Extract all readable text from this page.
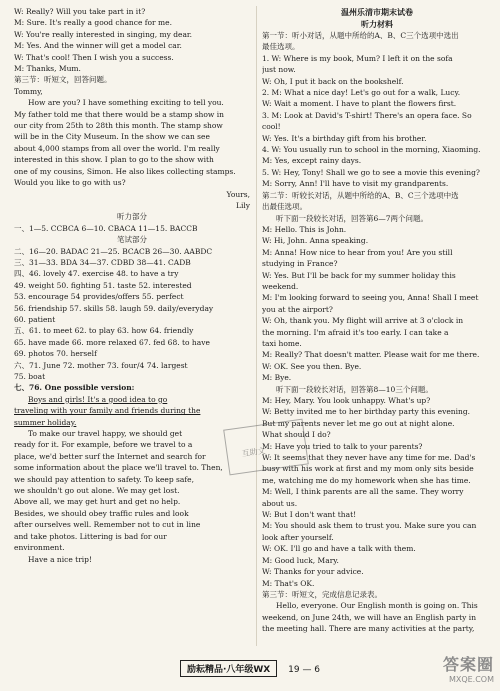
W: Really? Will you take part in it?
M: Sure. It's really a good chance for me.
W: You're really interested in singing, my dear.
M: Yes. And the winner will get a model car.
W: That's cool! Then I wish you a success.
M: Thanks, Mum.
第三节：听短文，回答问题。
Tommy,
How are you? I have something exciting to tell you.
My father told me that there would be a stamp show in
our city from 25th to 28th this month. The stamp show
will be in the City Museum. In the show we can see
about 4,000 stamps from all over the world. I'm really
interested in this show. I plan to go to the show with
one of my cousins, Simon. He also likes collecting stamps.
Would you like to go with us?
Yours,
Lily
听力部分
一、1—5. CCBCA 6—10. CBACA 11—15. BACCB
笔试部分
二、16—20. BADAC 21—25. BCACB 26—30. AABDC
三、31—33. BDA 34—37. CDBD 38—41. CADB
四、46. lovely 47. exercise 48. to have a try
49. weight 50. fighting 51. taste 52. interested
53. encourage 54 provides/offers 55. perfect
56. friendship 57. skills 58. laugh 59. daily/everyday
60. patient
五、61. to meet 62. to play 63. how 64. friendly
65. have made 66. more relaxed 67. fed 68. to have
69. photos 70. herself
六、71. June 72. mother 73. four/4 74. largest
75. boat
七、76. One possible version:
Boys and girls! It's a good idea to go
traveling with your family and friends during the
summer holiday.
To make our travel happy, we should get
ready for it. For example, before we travel to a
place, we'd better surf the Internet and search for
some information about the place we'll travel to. Then,
we should pay attention to safety. To keep safe,
we shouldn't go out alone. We may get lost.
Above all, we may get hurt and get no help.
Besides, we should obey traffic rules and look
after ourselves well. Remember not to cut in line
and take photos. Littering is bad for our
environment.
Have a nice trip!
温州乐清市期末试卷
听力材料
第一节：听小对话，从题中所给的A、B、C三个选项中选出
最佳选项。
1. W: Where is my book, Mum? I left it on the sofa
just now.
W: Oh, I put it back on the bookshelf.
2. M: What a nice day! Let's go out for a walk, Lucy.
W: Wait a moment. I have to plant the flowers first.
3. M: Look at David's T-shirt! There's an opera face. So
cool!
W: Yes. It's a birthday gift from his brother.
4. W: You usually run to school in the morning, Xiaoming.
M: Yes, except rainy days.
5. W: Hey, Tony! Shall we go to see a movie this evening?
M: Sorry, Ann! I'll have to visit my grandparents.
第二节：听较长对话，从题中所给的A、B、C三个选项中选
出最佳选项。
听下面一段较长对话，回答第6—7两个问题。
M: Hello. This is John.
W: Hi, John. Anna speaking.
M: Anna! How nice to hear from you! Are you still
studying in France?
W: Yes. But I'll be back for my summer holiday this
weekend.
M: I'm looking forward to seeing you, Anna! Shall I meet
you at the airport?
W: Oh, thank you. My flight will arrive at 3 o'clock in
the morning. I'm afraid it's too early. I can take a
taxi home.
M: Really? That doesn't matter. Please wait for me there.
W: OK. See you then. Bye.
M: Bye.
听下面一段较长对话，回答第8—10三个问题。
M: Hey, Mary. You look unhappy. What's up?
W: Betty invited me to her birthday party this evening.
But my parents never let me go out at night alone.
What should I do?
M: Have you tried to talk to your parents?
W: It seems that they never have any time for me. Dad's
busy with his work at first and my mom only sits beside
me, watching me do my homework when she has time.
M: Well, I think parents are all the same. They worry
about us.
W: But I don't want that!
M: You should ask them to trust you. Make sure you can
look after yourself.
W: OK. I'll go and have a talk with them.
M: Good luck, Mary.
W: Thanks for your advice.
M: That's OK.
第三节：听短文，完成信息记录表。
Hello, everyone. Our English month is going on. This
weekend, on June 24th, we will have an English party in
the meeting hall. There are many activities at the party,
互助文
励耘精品·八年级WX 19 — 6	答案圈
MXQE.COM
